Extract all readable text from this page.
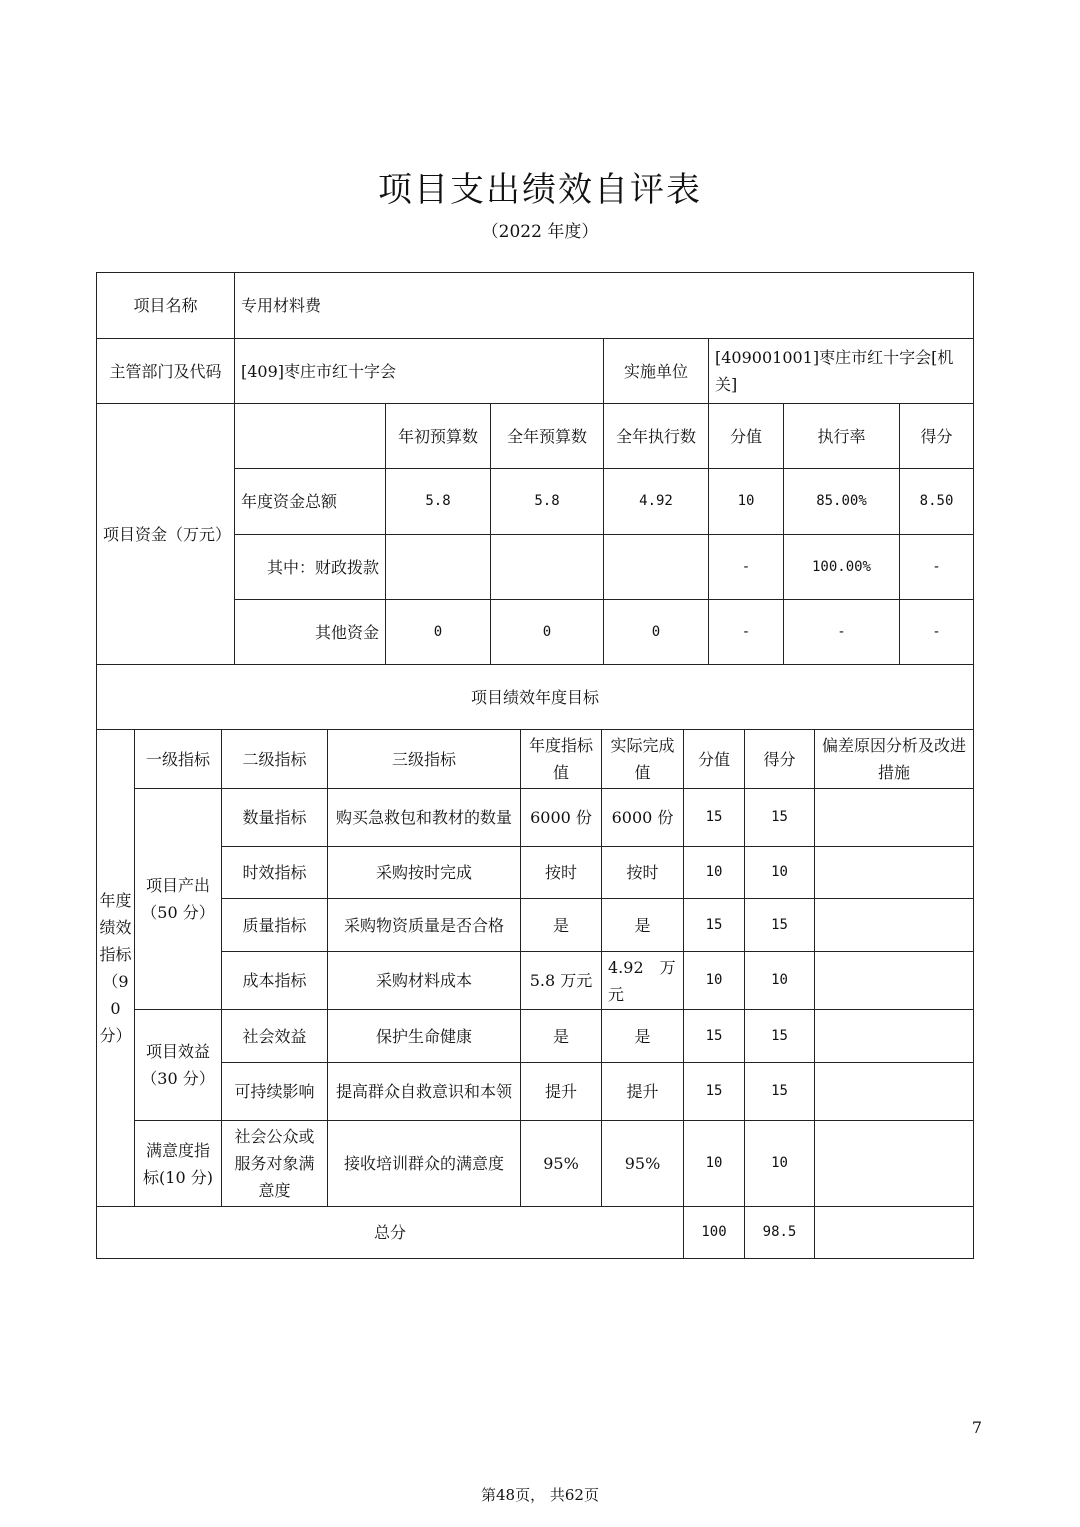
项目支出绩效自评表
（2022 年度）
项目名称	专用材料费						
主管部门及代码	[409]枣庄市红十字会			实施单位	[409001001]枣庄市红十字会[机关]		
项目资金（万元）		年初预算数	全年预算数	全年执行数	分值	执行率	得分
	年度资金总额	5.8	5.8	4.92	10	85.00%	8.50
	其中：财政拨款				-	100.00%	-
	其他资金	0	0	0	-	-	-
项目绩效年度目标							
年度绩效指标（90分）	一级指标	二级指标	三级指标	年度指标值	实际完成值	分值	得分	偏差原因分析及改进措施
	项目产出（50 分）	数量指标	购买急救包和教材的数量	6000 份	6000 份	15	15	
		时效指标	采购按时完成	按时	按时	10	10	
		质量指标	采购物资质量是否合格	是	是	15	15	
		成本指标	采购材料成本	5.8 万元	4.92　万元	10	10	
	项目效益（30 分）	社会效益	保护生命健康	是	是	15	15	
		可持续影响	提高群众自救意识和本领	提升	提升	15	15	
	满意度指标(10 分)	社会公众或服务对象满意度	接收培训群众的满意度	95%	95%	10	10	
总分						100	98.5	
7
第48页， 共62页
